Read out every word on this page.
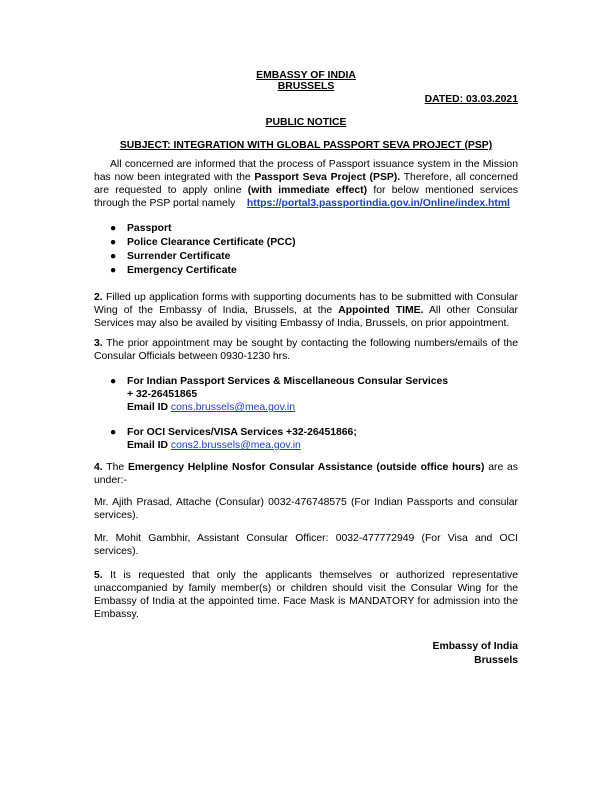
EMBASSY OF INDIA
BRUSSELS
DATED: 03.03.2021
PUBLIC NOTICE
SUBJECT: INTEGRATION WITH GLOBAL PASSPORT SEVA PROJECT (PSP)
All concerned are informed that the process of Passport issuance system in the Mission has now been integrated with the Passport Seva Project (PSP). Therefore, all concerned are requested to apply online (with immediate effect) for below mentioned services through the PSP portal namely    https://portal3.passportindia.gov.in/Online/index.html
● Passport
● Police Clearance Certificate (PCC)
● Surrender Certificate
● Emergency Certificate
2. Filled up application forms with supporting documents has to be submitted with Consular Wing of the Embassy of India, Brussels, at the Appointed TIME. All other Consular Services may also be availed by visiting Embassy of India, Brussels, on prior appointment.
3. The prior appointment may be sought by contacting the following numbers/emails of the Consular Officials between 0930-1230 hrs.
● For Indian Passport Services & Miscellaneous Consular Services
+ 32-26451865
Email ID cons.brussels@mea.gov.in
● For OCI Services/VISA Services +32-26451866;
Email ID cons2.brussels@mea.gov.in
4. The Emergency Helpline Nosfor Consular Assistance (outside office hours) are as under:-
Mr. Ajith Prasad, Attache (Consular) 0032-476748575 (For Indian Passports and consular services).
Mr. Mohit Gambhir, Assistant Consular Officer: 0032-477772949 (For Visa and OCI services).
5. It is requested that only the applicants themselves or authorized representative unaccompanied by family member(s) or children should visit the Consular Wing for the Embassy of India at the appointed time. Face Mask is MANDATORY for admission into the Embassy.
Embassy of India
Brussels
